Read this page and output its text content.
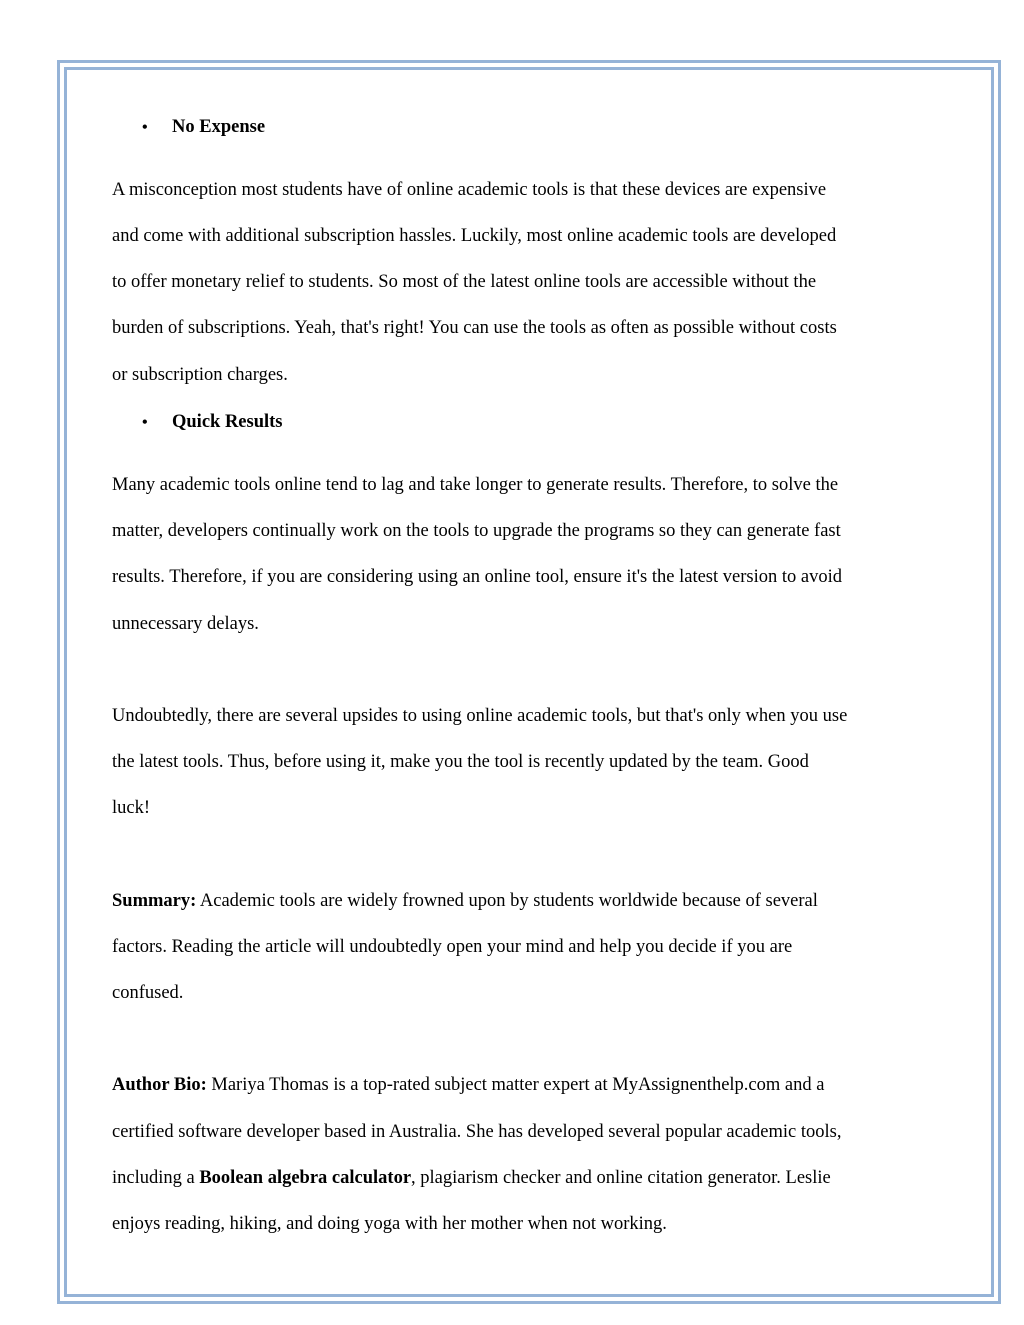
• No Expense
A misconception most students have of online academic tools is that these devices are expensive
and come with additional subscription hassles. Luckily, most online academic tools are developed
to offer monetary relief to students. So most of the latest online tools are accessible without the
burden of subscriptions. Yeah, that's right! You can use the tools as often as possible without costs
or subscription charges.
Many academic tools online tend to lag and take longer to generate results. Therefore, to solve the
matter, developers continually work on the tools to upgrade the programs so they can generate fast
results. Therefore, if you are considering using an online tool, ensure it's the latest version to avoid
unnecessary delays.
Undoubtedly, there are several upsides to using online academic tools, but that's only when you use
the latest tools. Thus, before using it, make you the tool is recently updated by the team. Good
luck!
Summary: Academic tools are widely frowned upon by students worldwide because of several
factors. Reading the article will undoubtedly open your mind and help you decide if you are
confused.
Author Bio: Mariya Thomas is a top-rated subject matter expert at MyAssignenthelp.com and a
certified software developer based in Australia. She has developed several popular academic tools,
including a Boolean algebra calculator, plagiarism checker and online citation generator. Leslie
enjoys reading, hiking, and doing yoga with her mother when not working.
• Quick Results
